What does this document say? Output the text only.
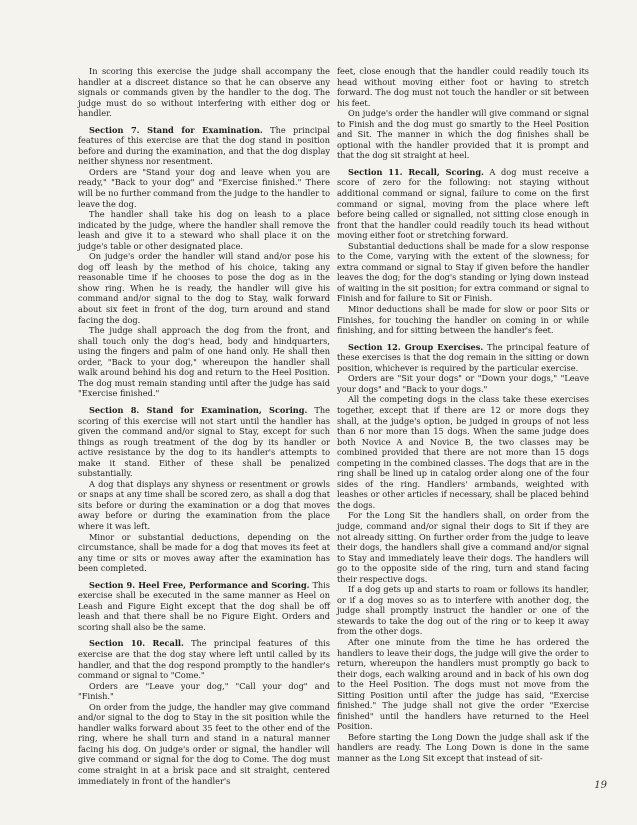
In scoring this exercise the judge shall accompany the handler at a discreet distance so that he can observe any signals or commands given by the handler to the dog. The judge must do so without interfering with either dog or handler.

Section 7. Stand for Examination. The principal features of this exercise are that the dog stand in position before and during the examination, and that the dog display neither shyness nor resentment.

Orders are "Stand your dog and leave when you are ready," "Back to your dog" and "Exercise finished." There will be no further command from the judge to the handler to leave the dog.

The handler shall take his dog on leash to a place indicated by the judge, where the handler shall remove the leash and give it to a steward who shall place it on the judge's table or other designated place.

On judge's order the handler will stand and/or pose his dog off leash by the method of his choice, taking any reasonable time if he chooses to pose the dog as in the show ring. When he is ready, the handler will give his command and/or signal to the dog to Stay, walk forward about six feet in front of the dog, turn around and stand facing the dog.

The judge shall approach the dog from the front, and shall touch only the dog's head, body and hindquarters, using the fingers and palm of one hand only. He shall then order, "Back to your dog," whereupon the handler shall walk around behind his dog and return to the Heel Position. The dog must remain standing until after the judge has said "Exercise finished."

Section 8. Stand for Examination, Scoring. The scoring of this exercise will not start until the handler has given the command and/or signal to Stay, except for such things as rough treatment of the dog by its handler or active resistance by the dog to its handler's attempts to make it stand. Either of these shall be penalized substantially.

A dog that displays any shyness or resentment or growls or snaps at any time shall be scored zero, as shall a dog that sits before or during the examination or a dog that moves away before or during the examination from the place where it was left.

Minor or substantial deductions, depending on the circumstance, shall be made for a dog that moves its feet at any time or sits or moves away after the examination has been completed.

Section 9. Heel Free, Performance and Scoring. This exercise shall be executed in the same manner as Heel on Leash and Figure Eight except that the dog shall be off leash and that there shall be no Figure Eight. Orders and scoring shall also be the same.

Section 10. Recall. The principal features of this exercise are that the dog stay where left until called by its handler, and that the dog respond promptly to the handler's command or signal to "Come."

Orders are "Leave your dog," "Call your dog" and "Finish."

On order from the judge, the handler may give command and/or signal to the dog to Stay in the sit position while the handler walks forward about 35 feet to the other end of the ring, where he shall turn and stand in a natural manner facing his dog. On judge's order or signal, the handler will give command or signal for the dog to Come. The dog must come straight in at a brisk pace and sit straight, centered immediately in front of the handler's

feet, close enough that the handler could readily touch its head without moving either foot or having to stretch forward. The dog must not touch the handler or sit between his feet.

On judge's order the handler will give command or signal to Finish and the dog must go smartly to the Heel Position and Sit. The manner in which the dog finishes shall be optional with the handler provided that it is prompt and that the dog sit straight at heel.

Section 11. Recall, Scoring. A dog must receive a score of zero for the following: not staying without additional command or signal, failure to come on the first command or signal, moving from the place where left before being called or signalled, not sitting close enough in front that the handler could readily touch its head without moving either foot or stretching forward.

Substantial deductions shall be made for a slow response to the Come, varying with the extent of the slowness; for extra command or signal to Stay if given before the handler leaves the dog; for the dog's standing or lying down instead of waiting in the sit position; for extra command or signal to Finish and for failure to Sit or Finish.

Minor deductions shall be made for slow or poor Sits or Finishes, for touching the handler on coming in or while finishing, and for sitting between the handler's feet.

Section 12. Group Exercises. The principal feature of these exercises is that the dog remain in the sitting or down position, whichever is required by the particular exercise.

Orders are "Sit your dogs" or "Down your dogs," "Leave your dogs" and "Back to your dogs."

All the competing dogs in the class take these exercises together, except that if there are 12 or more dogs they shall, at the judge's option, be judged in groups of not less than 6 nor more than 15 dogs. When the same judge does both Novice A and Novice B, the two classes may be combined provided that there are not more than 15 dogs competing in the combined classes. The dogs that are in the ring shall be lined up in catalog order along one of the four sides of the ring. Handlers' armbands, weighted with leashes or other articles if necessary, shall be placed behind the dogs.

For the Long Sit the handlers shall, on order from the judge, command and/or signal their dogs to Sit if they are not already sitting. On further order from the judge to leave their dogs, the handlers shall give a command and/or signal to Stay and immediately leave their dogs. The handlers will go to the opposite side of the ring, turn and stand facing their respective dogs.

If a dog gets up and starts to roam or follows its handler, or if a dog moves so as to interfere with another dog, the judge shall promptly instruct the handler or one of the stewards to take the dog out of the ring or to keep it away from the other dogs.

After one minute from the time he has ordered the handlers to leave their dogs, the judge will give the order to return, whereupon the handlers must promptly go back to their dogs, each walking around and in back of his own dog to the Heel Position. The dogs must not move from the Sitting Position until after the judge has said, "Exercise finished." The judge shall not give the order "Exercise finished" until the handlers have returned to the Heel Position.

Before starting the Long Down the judge shall ask if the handlers are ready. The Long Down is done in the same manner as the Long Sit except that instead of sit-

19
